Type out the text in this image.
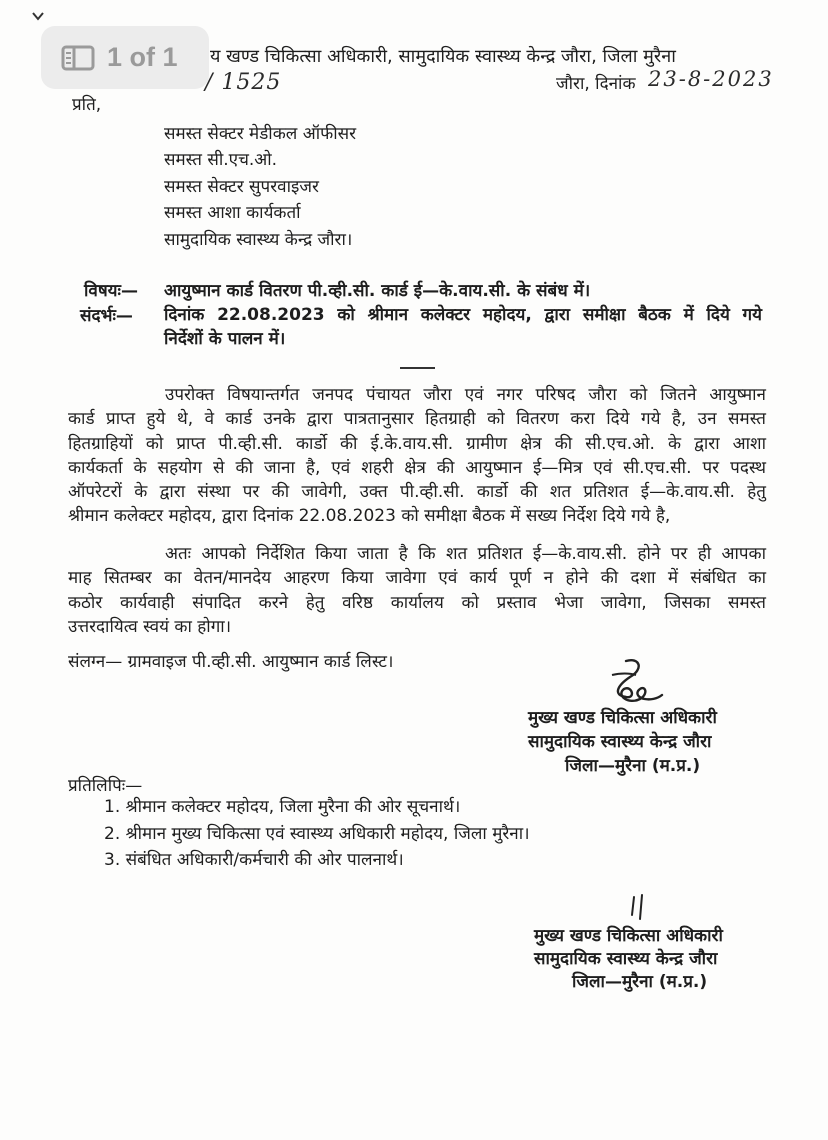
1 of 1 य खण्ड चिकित्सा अधिकारी, सामुदायिक स्वास्थ्य केन्द्र जौरा, जिला मुरैना
/ 1525	जौरा, दिनांक 23-8-2023
प्रति,
समस्त सेक्टर मेडीकल ऑफीसर
समस्त सी.एच.ओ.
समस्त सेक्टर सुपरवाइजर
समस्त आशा कार्यकर्ता
सामुदायिक स्वास्थ्य केन्द्र जौरा।
विषयः— आयुष्मान कार्ड वितरण पी.व्ही.सी. कार्ड ई—के.वाय.सी. के संबंध में।
संदर्भः— दिनांक 22.08.2023 को श्रीमान कलेक्टर महोदय, द्वारा समीक्षा बैठक में दिये गये
निर्देशों के पालन में।
उपरोक्त विषयान्तर्गत जनपद पंचायत जौरा एवं नगर परिषद जौरा को जितने आयुष्मान
कार्ड प्राप्त हुये थे, वे कार्ड उनके द्वारा पात्रतानुसार हितग्राही को वितरण करा दिये गये है, उन समस्त
हितग्राहियों को प्राप्त पी.व्ही.सी. कार्डो की ई.के.वाय.सी. ग्रामीण क्षेत्र की सी.एच.ओ. के द्वारा आशा
कार्यकर्ता के सहयोग से की जाना है, एवं शहरी क्षेत्र की आयुष्मान ई—मित्र एवं सी.एच.सी. पर पदस्थ
ऑपरेटरों के द्वारा संस्था पर की जावेगी, उक्त पी.व्ही.सी. कार्डो की शत प्रतिशत ई—के.वाय.सी. हेतु
श्रीमान कलेक्टर महोदय, द्वारा दिनांक 22.08.2023 को समीक्षा बैठक में सख्य निर्देश दिये गये है,
अतः आपको निर्देशित किया जाता है कि शत प्रतिशत ई—के.वाय.सी. होने पर ही आपका
माह सितम्बर का वेतन/मानदेय आहरण किया जावेगा एवं कार्य पूर्ण न होने की दशा में संबंधित का
कठोर कार्यवाही संपादित करने हेतु वरिष्ठ कार्यालय को प्रस्ताव भेजा जावेगा, जिसका समस्त
उत्तरदायित्व स्वयं का होगा।
संलग्न— ग्रामवाइज पी.व्ही.सी. आयुष्मान कार्ड लिस्ट।
मुख्य खण्ड चिकित्सा अधिकारी
सामुदायिक स्वास्थ्य केन्द्र जौरा
जिला—मुरैना (म.प्र.)
प्रतिलिपिः—
1. श्रीमान कलेक्टर महोदय, जिला मुरैना की ओर सूचनार्थ।
2. श्रीमान मुख्य चिकित्सा एवं स्वास्थ्य अधिकारी महोदय, जिला मुरैना।
3. संबंधित अधिकारी/कर्मचारी की ओर पालनार्थ।
मुख्य खण्ड चिकित्सा अधिकारी
सामुदायिक स्वास्थ्य केन्द्र जौरा
जिला—मुरैना (म.प्र.)
